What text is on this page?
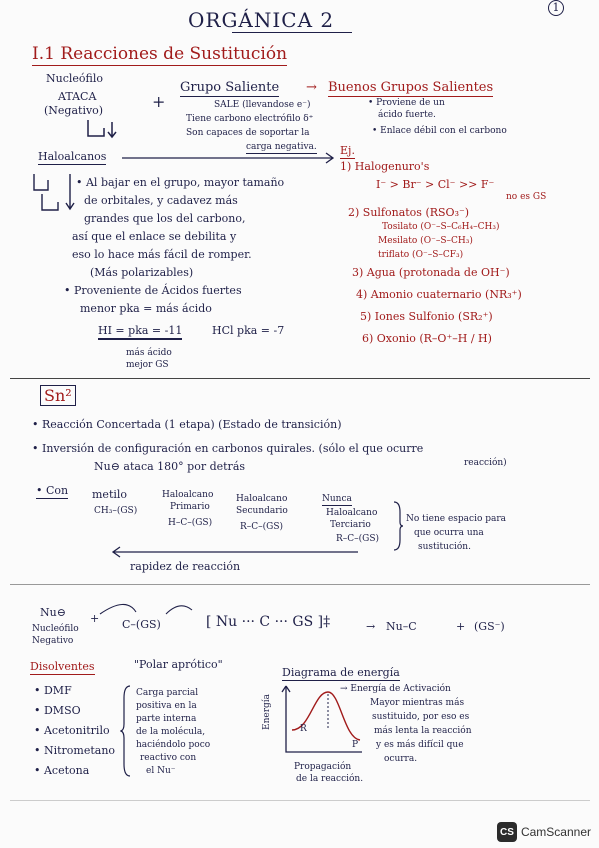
ORGÁNICA 2
1
I.1 Reacciones de Sustitución
Nucleófilo
ATACA
(Negativo)	+
Grupo Saliente
SALE (llevandose e⁻)
Tiene carbono electrófilo δ⁺
Son capaces de soportar la
carga negativa.
→ Buenos Grupos Salientes
• Proviene de un
ácido fuerte.
• Enlace débil con el carbono
Haloalcanos	Ej.
• Al bajar en el grupo, mayor tamaño
de orbitales, y cadavez más
grandes que los del carbono,
así que el enlace se debilita y
eso lo hace más fácil de romper.
(Más polarizables)
• Proveniente de Ácidos fuertes
menor pka = más ácido
HI = pka = -11	HCl pka = -7
más ácido
mejor GS
1) Halogenuro's
I⁻ > Br⁻ > Cl⁻ >> F⁻
no es GS
2) Sulfonatos (RSO₃⁻)
Tosilato (O⁻–S–C₆H₄–CH₃)
Mesilato (O⁻–S–CH₃)
triflato (O⁻–S–CF₃)
3) Agua (protonada de OH⁻)
4) Amonio cuaternario (NR₃⁺)
5) Iones Sulfonio (SR₂⁺)
6) Oxonio (R–O⁺–H / H)
Sn²
• Reacción Concertada (1 etapa) (Estado de transición)
• Inversión de configuración en carbonos quirales. (sólo el que ocurre
reacción)
Nu⊖ ataca 180° por detrás
• Con metilo
CH₃–(GS)
Haloalcano
Primario
H–C–(GS)
Haloalcano
Secundario
R–C–(GS)
Nunca
Haloalcano
Terciario
R–C–(GS)
No tiene espacio para
que ocurra una
sustitución.
rapidez de reacción
Nu⊖
Nucleófilo
Negativo
+ C–(GS)	[ Nu ··· C ··· GS ]‡	→ Nu–C	+ (GS⁻)
Disolventes	"Polar aprótico"
• DMF
• DMSO
• Acetonitrilo
• Nitrometano
• Acetona
Carga parcial
positiva en la
parte interna
de la molécula,
haciéndolo poco
reactivo con
el Nu⁻
Diagrama de energía
Energía	R
P
Propagación
de la reacción.
→ Energía de Activación
Mayor mientras más
sustituido, por eso es
más lenta la reacción
y es más difícil que
ocurra.
CS CamScanner
